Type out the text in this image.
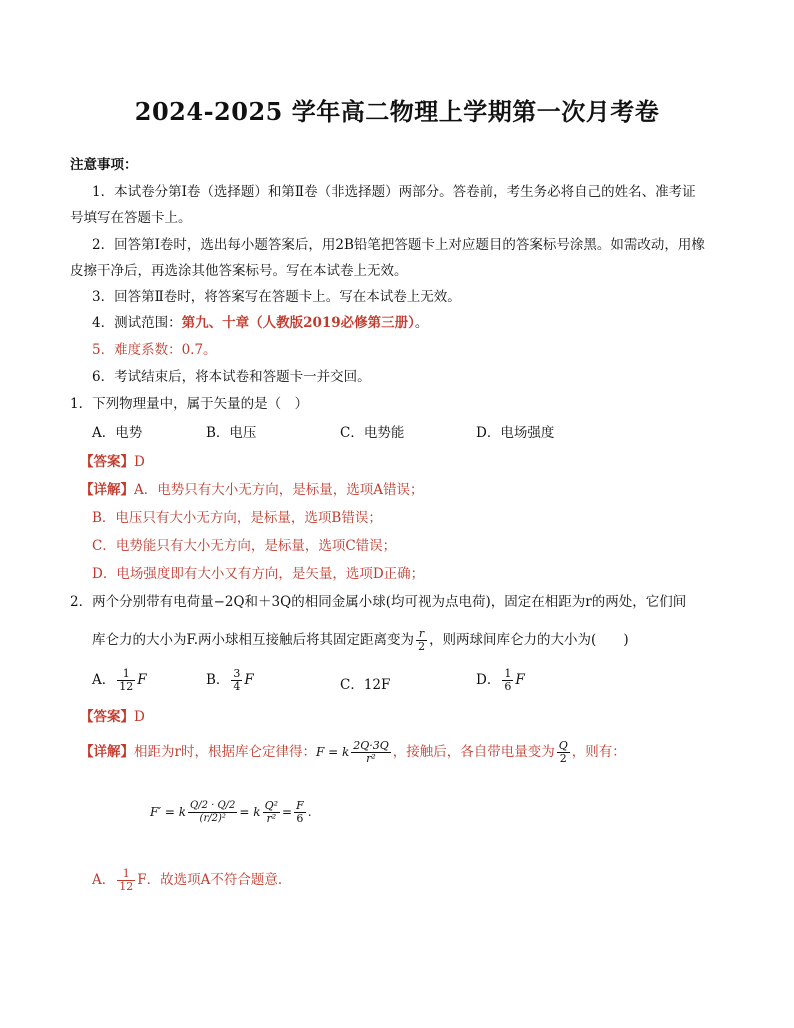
2024-2025 学年高二物理上学期第一次月考卷
注意事项：
1．本试卷分第Ⅰ卷（选择题）和第Ⅱ卷（非选择题）两部分。答卷前，考生务必将自己的姓名、准考证
号填写在答题卡上。
2．回答第Ⅰ卷时，选出每小题答案后，用2B铅笔把答题卡上对应题目的答案标号涂黑。如需改动，用橡
皮擦干净后，再选涂其他答案标号。写在本试卷上无效。
3．回答第Ⅱ卷时，将答案写在答题卡上。写在本试卷上无效。
4．测试范围：第九、十章（人教版2019必修第三册）。
5．难度系数：0.7。
6．考试结束后，将本试卷和答题卡一并交回。
1．下列物理量中，属于矢量的是（　）
A．电势	B．电压	C．电势能	D．电场强度
【答案】D
【详解】A．电势只有大小无方向，是标量，选项A错误；
B．电压只有大小无方向，是标量，选项B错误；
C．电势能只有大小无方向，是标量，选项C错误；
D．电场强度即有大小又有方向，是矢量，选项D正确；
2．两个分别带有电荷量−2Q和＋3Q的相同金属小球(均可视为点电荷)，固定在相距为r的两处，它们间
库仑力的大小为F.两小球相互接触后将其固定距离变为 $\frac{r}{2}$ ，则两球间库仑力的大小为(　　)
A． $\frac{1}{12}$ F	B． $\frac{3}{4}$ F	C．12F	D． $\frac{1}{6}$ F
【答案】D
【详解】相距为r时，根据库仑定律得：F = k $\frac{2Q\cdot 3Q}{\text{r²}}$ ，接触后，各自带电量变为 $\frac{Q}{2}$ ，则有：
F′ = k $\frac{Q/2 \cdot Q/2}{\text{(r/2)²}} = k \frac{\text{Q²}}{\text{r²}} = \frac{F}{6}$ .
A． $\frac{1}{12}$ F．故选项A不符合题意．
